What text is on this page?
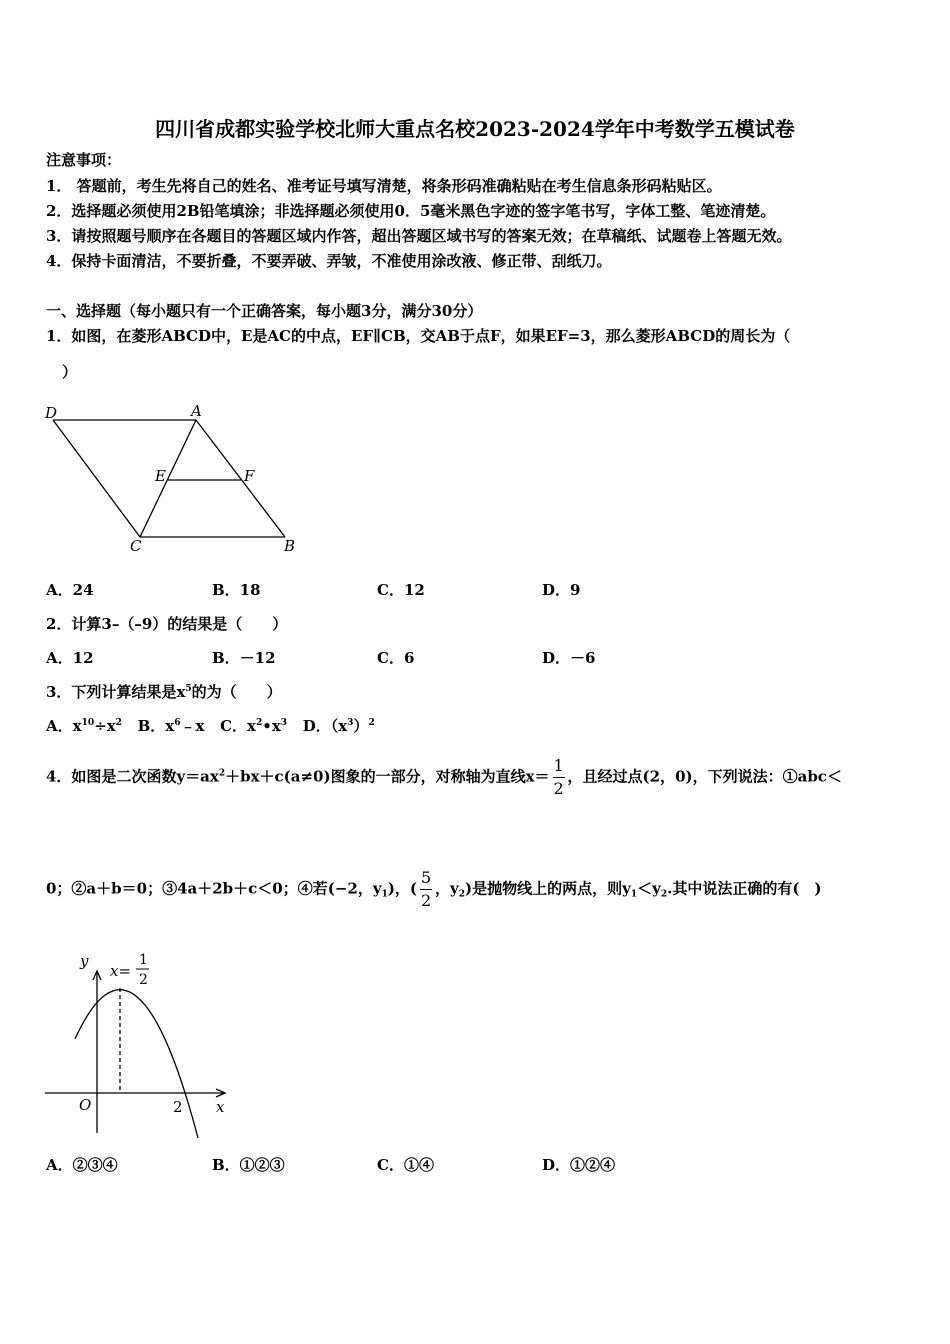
四川省成都实验学校北师大重点名校2023-2024学年中考数学五模试卷
注意事项：
1． 答题前，考生先将自己的姓名、准考证号填写清楚，将条形码准确粘贴在考生信息条形码粘贴区。
2．选择题必须使用2B铅笔填涂；非选择题必须使用0．5毫米黑色字迹的签字笔书写，字体工整、笔迹清楚。
3．请按照题号顺序在各题目的答题区域内作答，超出答题区域书写的答案无效；在草稿纸、试题卷上答题无效。
4．保持卡面清洁，不要折叠，不要弄破、弄皱，不准使用涂改液、修正带、刮纸刀。
一、选择题（每小题只有一个正确答案，每小题3分，满分30分）
1．如图，在菱形ABCD中，E是AC的中点，EF∥CB，交AB于点F，如果EF=3，那么菱形ABCD的周长为（
）
D	A
E	F
C	B
A．24	B．18	C．12	D．9
2．计算3–（–9）的结果是（　　）
A．12	B．－12	C．6	D．－6
3．下列计算结果是$x^5$的为（　　）
A．$x^{10}\div x^2$ B．$x^6﹣x$ C．$x^2•x^3$ D．$(x^3)^2$
4．如图是二次函数$y=ax^2+bx+c(a\ne 0)$图象的一部分，对称轴为直线$x= \frac{1}{2}$ ，且经过点(2，0)，下列说法：①abc＜
0；②a＋b＝0；③4a＋2b＋c＜0；④若(−2，$y_1$)，( $\frac{5}{2}$ ，$y_2$)是抛物线上的两点，则$y_1<y_2$.其中说法正确的有(　)
y
x
O	2
x=
1
2
A．②③④	B．①②③	C．①④	D．①②④
